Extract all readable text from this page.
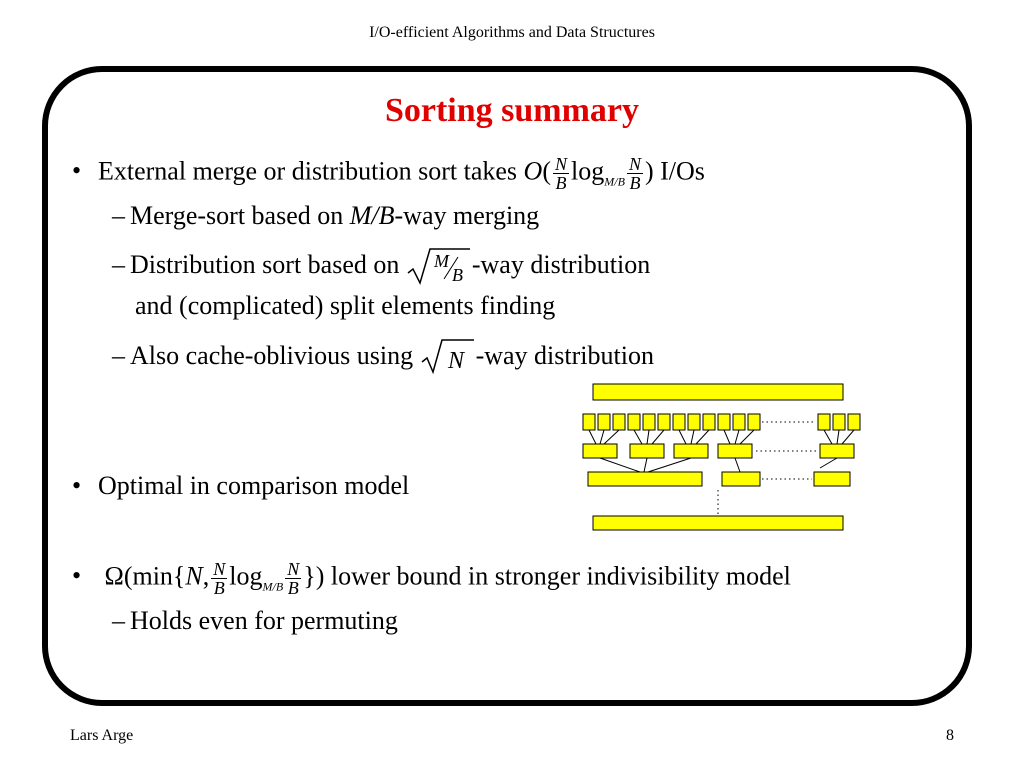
I/O-efficient Algorithms and Data Structures
Sorting summary
• External merge or distribution sort takes $O( \frac{N}{B} \log_{M/B} \frac{N}{B}$ ) I/Os
– Merge-sort based on M/B-way merging
– Distribution sort based on M
B -way distribution
and (complicated) split elements finding
– Also cache-oblivious using N -way distribution
• Optimal in comparison model
• Ω(min{N, $\frac{N}{B} \log_{M/B} \frac{N}{B}$ }) lower bound in stronger indivisibility model
– Holds even for permuting
Lars Arge	8
